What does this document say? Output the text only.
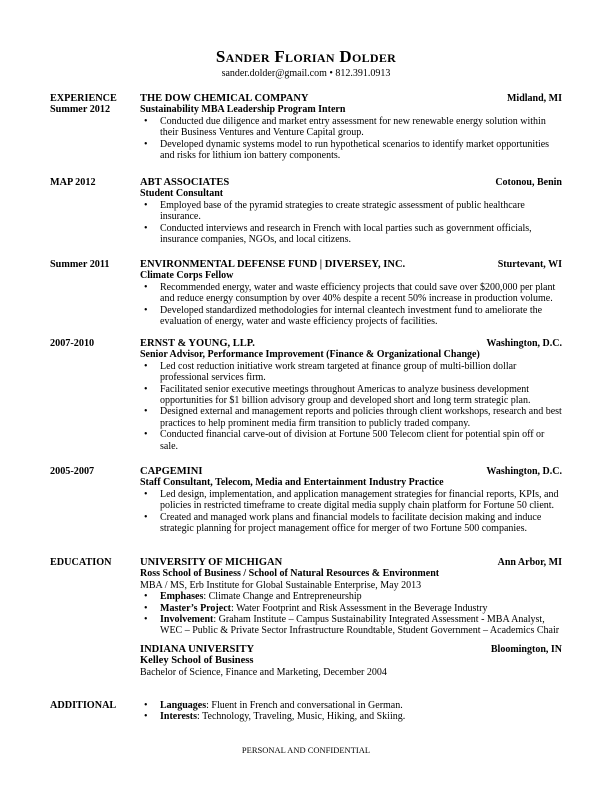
Sander Florian Dolder
sander.dolder@gmail.com • 812.391.0913
EXPERIENCE
Summer 2012
THE DOW CHEMICAL COMPANY	Midland, MI
Sustainability MBA Leadership Program Intern
• Conducted due diligence and market entry assessment for new renewable energy solution within their Business Ventures and Venture Capital group.
• Developed dynamic systems model to run hypothetical scenarios to identify market opportunities and risks for lithium ion battery components.
MAP 2012	ABT ASSOCIATES	Cotonou, Benin
Student Consultant
• Employed base of the pyramid strategies to create strategic assessment of public healthcare insurance.
• Conducted interviews and research in French with local parties such as government officials, insurance companies, NGOs, and local citizens.
Summer 2011	ENVIRONMENTAL DEFENSE FUND | DIVERSEY, INC.	Sturtevant, WI
Climate Corps Fellow
• Recommended energy, water and waste efficiency projects that could save over $200,000 per plant and reduce energy consumption by over 40% despite a recent 50% increase in production volume.
• Developed standardized methodologies for internal cleantech investment fund to ameliorate the evaluation of energy, water and waste efficiency projects of facilities.
2007-2010	ERNST & YOUNG, LLP.	Washington, D.C.
Senior Advisor, Performance Improvement (Finance & Organizational Change)
• Led cost reduction initiative work stream targeted at finance group of multi-billion dollar professional services firm.
• Facilitated senior executive meetings throughout Americas to analyze business development opportunities for $1 billion advisory group and developed short and long term strategic plan.
• Designed external and management reports and policies through client workshops, research and best practices to help prominent media firm transition to publicly traded company.
• Conducted financial carve-out of division at Fortune 500 Telecom client for potential spin off or sale.
2005-2007	CAPGEMINI	Washington, D.C.
Staff Consultant, Telecom, Media and Entertainment Industry Practice
• Led design, implementation, and application management strategies for financial reports, KPIs, and policies in restricted timeframe to create digital media supply chain platform for Fortune 50 client.
• Created and managed work plans and financial models to facilitate decision making and induce strategic planning for project management office for merger of two Fortune 500 companies.
EDUCATION	UNIVERSITY OF MICHIGAN	Ann Arbor, MI
Ross School of Business / School of Natural Resources & Environment
MBA / MS, Erb Institute for Global Sustainable Enterprise, May 2013
• Emphases: Climate Change and Entrepreneurship
• Master’s Project: Water Footprint and Risk Assessment in the Beverage Industry
• Involvement: Graham Institute – Campus Sustainability Integrated Assessment - MBA Analyst, WEC – Public & Private Sector Infrastructure Roundtable, Student Government – Academics Chair
INDIANA UNIVERSITY	Bloomington, IN
Kelley School of Business
Bachelor of Science, Finance and Marketing, December 2004
ADDITIONAL
•	Languages: Fluent in French and conversational in German.
• Interests: Technology, Traveling, Music, Hiking, and Skiing.
PERSONAL AND CONFIDENTIAL
